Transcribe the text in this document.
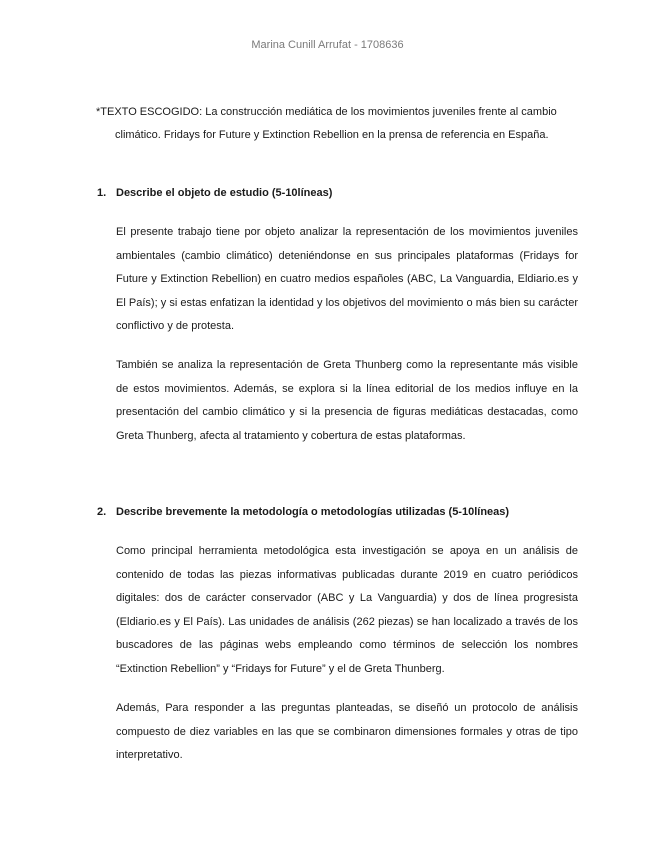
Marina Cunill Arrufat - 1708636
*TEXTO ESCOGIDO: La construcción mediática de los movimientos juveniles frente al cambio
climático. Fridays for Future y Extinction Rebellion en la prensa de referencia en España.
1. Describe el objeto de estudio (5-10líneas)
El presente trabajo tiene por objeto analizar la representación de los movimientos juveniles ambientales (cambio climático) deteniéndonse en sus principales plataformas (Fridays for Future y Extinction Rebellion) en cuatro medios españoles (ABC, La Vanguardia, Eldiario.es y El País); y si estas enfatizan la identidad y los objetivos del movimiento o más bien su carácter conflictivo y de protesta.
También se analiza la representación de Greta Thunberg como la representante más visible de estos movimientos. Además, se explora si la línea editorial de los medios influye en la presentación del cambio climático y si la presencia de figuras mediáticas destacadas, como Greta Thunberg, afecta al tratamiento y cobertura de estas plataformas.
2. Describe brevemente la metodología o metodologías utilizadas (5-10líneas)
Como principal herramienta metodológica esta investigación se apoya en un análisis de contenido de todas las piezas informativas publicadas durante 2019 en cuatro periódicos digitales: dos de carácter conservador (ABC y La Vanguardia) y dos de línea progresista (Eldiario.es y El País). Las unidades de análisis (262 piezas) se han localizado a través de los buscadores de las páginas webs empleando como términos de selección los nombres “Extinction Rebellion” y “Fridays for Future” y el de Greta Thunberg.
Además, Para responder a las preguntas planteadas, se diseñó un protocolo de análisis compuesto de diez variables en las que se combinaron dimensiones formales y otras de tipo interpretativo.
